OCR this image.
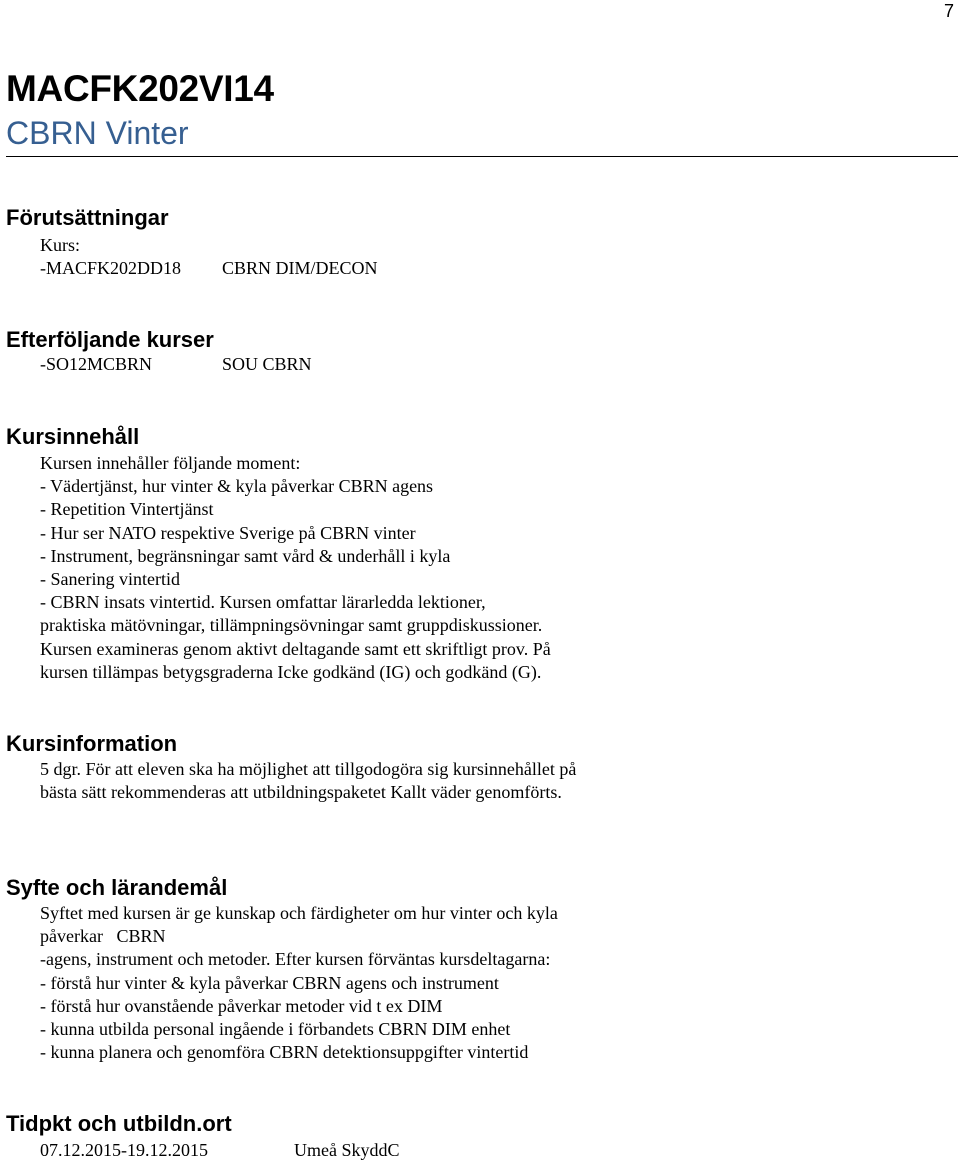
7
MACFK202VI14
CBRN Vinter
Förutsättningar
Kurs:
-MACFK202DD18 CBRN DIM/DECON
Efterföljande kurser
-SO12MCBRN	SOU CBRN
Kursinnehåll
Kursen innehåller följande moment:
- Vädertjänst, hur vinter & kyla påverkar CBRN agens
- Repetition Vintertjänst
- Hur ser NATO respektive Sverige på CBRN vinter
- Instrument, begränsningar samt vård & underhåll i kyla
- Sanering vintertid
- CBRN insats vintertid. Kursen omfattar lärarledda lektioner,
praktiska mätövningar, tillämpningsövningar samt gruppdiskussioner.
Kursen examineras genom aktivt deltagande samt ett skriftligt prov. På
kursen tillämpas betygsgraderna Icke godkänd (IG) och godkänd (G).
Kursinformation
5 dgr. För att eleven ska ha möjlighet att tillgodogöra sig kursinnehållet på
bästa sätt rekommenderas att utbildningspaketet Kallt väder genomförts.
Syfte och lärandemål
Syftet med kursen är ge kunskap och färdigheter om hur vinter och kyla
påverkar   CBRN
-agens, instrument och metoder. Efter kursen förväntas kursdeltagarna:
- förstå hur vinter & kyla påverkar CBRN agens och instrument
- förstå hur ovanstående påverkar metoder vid t ex DIM
- kunna utbilda personal ingående i förbandets CBRN DIM enhet
- kunna planera och genomföra CBRN detektionsuppgifter vintertid
Tidpkt och utbildn.ort
07.12.2015-19.12.2015	Umeå SkyddC
